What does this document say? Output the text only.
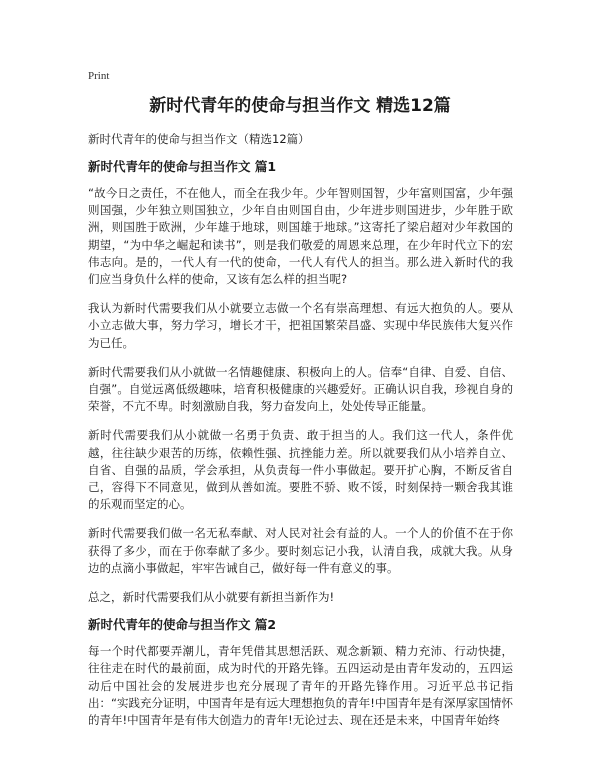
Print
新时代青年的使命与担当作文 精选12篇

新时代青年的使命与担当作文（精选12篇）

新时代青年的使命与担当作文 篇1

“故今日之责任，不在他人，而全在我少年。少年智则国智，少年富则国富，少年强则国强，少年独立则国独立，少年自由则国自由，少年进步则国进步，少年胜于欧洲，则国胜于欧洲，少年雄于地球，则国雄于地球。”这寄托了梁启超对少年救国的期望，“为中华之崛起和读书”，则是我们敬爱的周恩来总理，在少年时代立下的宏伟志向。是的，一代人有一代的使命，一代人有代人的担当。那么进入新时代的我们应当身负什么样的使命，又该有怎么样的担当呢?

我认为新时代需要我们从小就要立志做一个名有崇高理想、有远大抱负的人。要从小立志做大事，努力学习，增长才干，把祖国繁荣昌盛、实现中华民族伟大复兴作为已任。

新时代需要我们从小就做一名情趣健康、积极向上的人。信奉“自律、自爱、自信、自强”。自觉远离低级趣味，培育积极健康的兴趣爱好。正确认识自我，珍视自身的荣誉，不亢不卑。时刻激励自我，努力奋发向上，处处传导正能量。

新时代需要我们从小就做一名勇于负责、敢于担当的人。我们这一代人，条件优越，往往缺少艰苦的历练，依赖性强、抗挫能力差。所以就要我们从小培养自立、自省、自强的品质，学会承担，从负责每一件小事做起。要开扩心胸，不断反省自己，容得下不同意见，做到从善如流。要胜不骄、败不馁，时刻保持一颗舍我其谁的乐观而坚定的心。

新时代需要我们做一名无私奉献、对人民对社会有益的人。一个人的价值不在于你获得了多少，而在于你奉献了多少。要时刻忘记小我，认清自我，成就大我。从身边的点滴小事做起，牢牢告诫自己，做好每一件有意义的事。

总之，新时代需要我们从小就要有新担当新作为!

新时代青年的使命与担当作文 篇2

每一个时代都要弄潮儿，青年凭借其思想活跃、观念新颖、精力充沛、行动快捷，往往走在时代的最前面，成为时代的开路先锋。五四运动是由青年发动的，五四运动后中国社会的发展进步也充分展现了青年的开路先锋作用。习近平总书记指出：“实践充分证明，中国青年是有远大理想抱负的青年!中国青年是有深厚家国情怀的青年!中国青年是有伟大创造力的青年!无论过去、现在还是未来，中国青年始终
